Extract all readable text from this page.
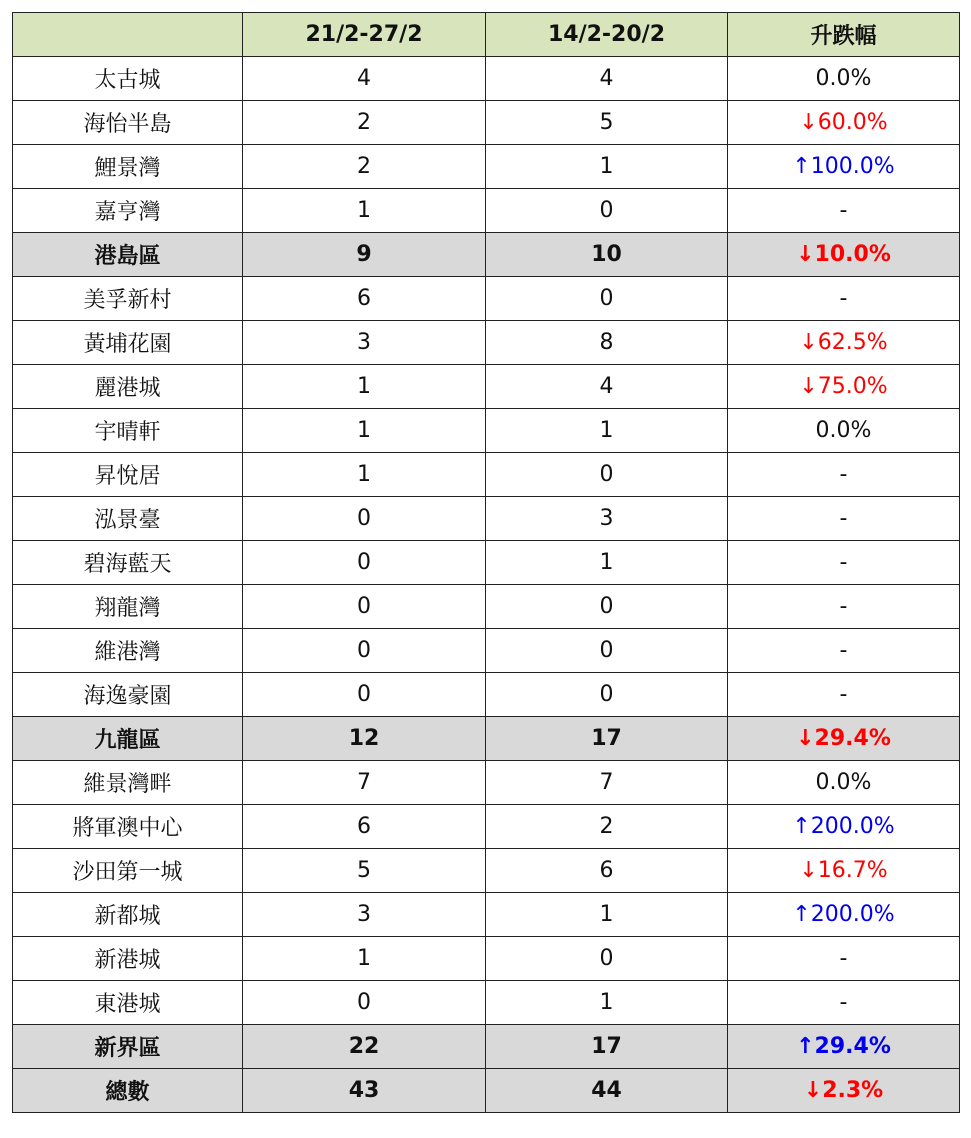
	21/2-27/2	14/2-20/2	升跌幅
太古城	4	4	0.0%
海怡半島	2	5	↓60.0%
鯉景灣	2	1	↑100.0%
嘉亨灣	1	0	-
港島區	9	10	↓10.0%
美孚新村	6	0	-
黃埔花園	3	8	↓62.5%
麗港城	1	4	↓75.0%
宇晴軒	1	1	0.0%
昇悅居	1	0	-
泓景臺	0	3	-
碧海藍天	0	1	-
翔龍灣	0	0	-
維港灣	0	0	-
海逸豪園	0	0	-
九龍區	12	17	↓29.4%
維景灣畔	7	7	0.0%
將軍澳中心	6	2	↑200.0%
沙田第一城	5	6	↓16.7%
新都城	3	1	↑200.0%
新港城	1	0	-
東港城	0	1	-
新界區	22	17	↑29.4%
總數	43	44	↓2.3%
